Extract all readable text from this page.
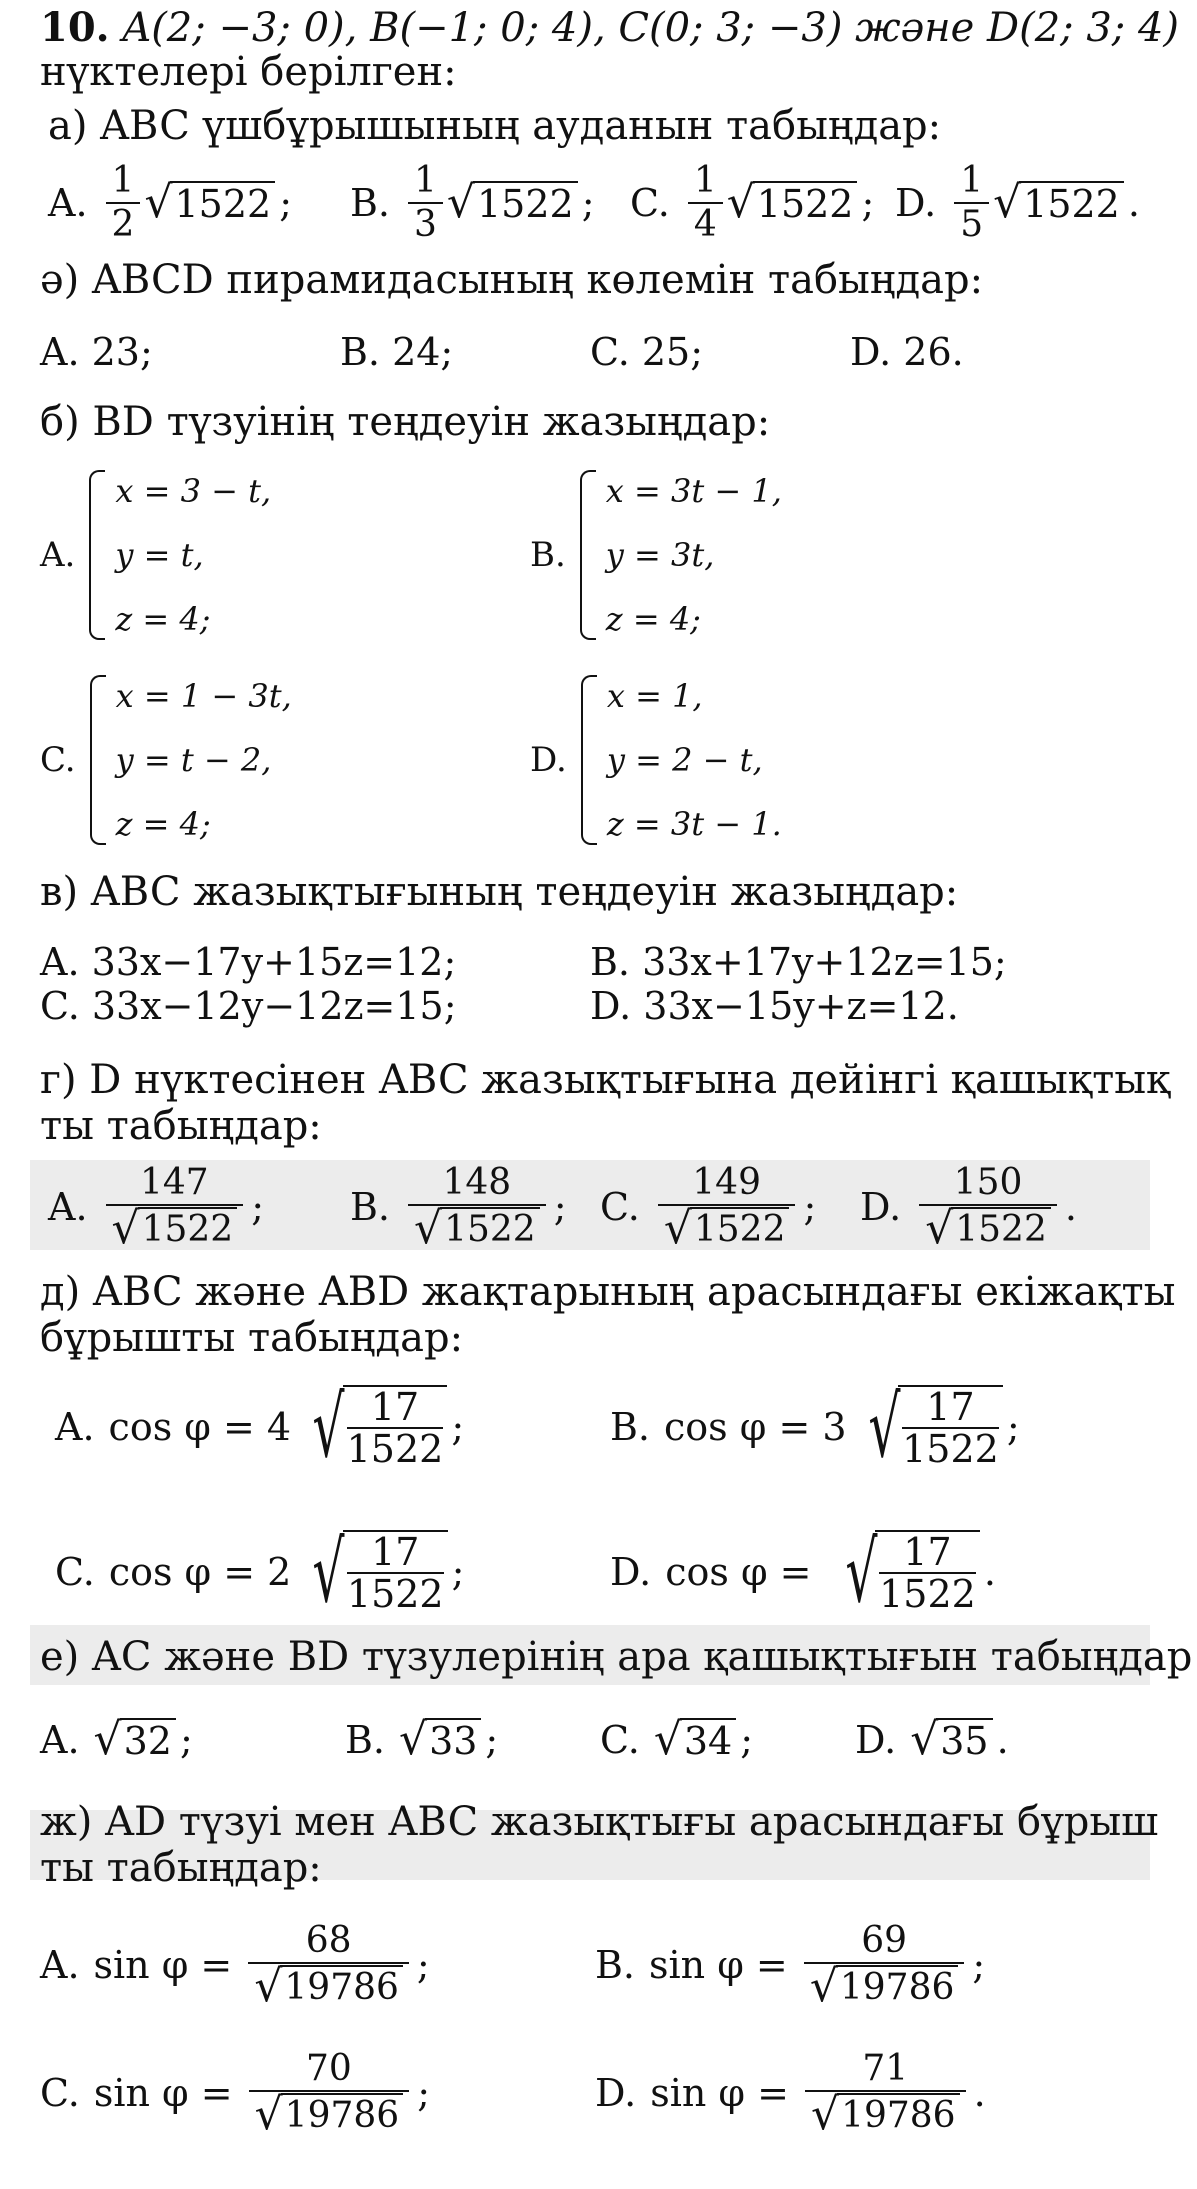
10. A(2; −3; 0), B(−1; 0; 4), C(0; 3; −3) және D(2; 3; 4)
нүктелері берілген:
а) ABC үшбұрышының ауданын табыңдар:
A. $\frac{1}{2}$ √ 1522 ; B. $\frac{1}{3}$ √ 1522 ; C. $\frac{1}{4}$ √ 1522 ; D. $\frac{1}{5}$ √ 1522 .
ә) ABCD пирамидасының көлемін табыңдар:
A. 23;	B. 24;	C. 25;	D. 26.
б) BD түзуінің теңдеуін жазыңдар:
A.
x = 3 − t,
y = t,
z = 4;
B.
x = 3t − 1,
y = 3t,
z = 4;
C.
x = 1 − 3t,
y = t − 2,
z = 4;
D.
x = 1,
y = 2 − t,
z = 3t − 1.
в) ABC жазықтығының теңдеуін жазыңдар:
A. 33x−17y+15z=12;	B. 33x+17y+12z=15;
C. 33x−12y−12z=15;	D. 33x−15y+z=12.
г) D нүктесінен ABC жазықтығына дейінгі қашықтық
ты табыңдар:
A. $\frac{147}{√ 1522}$ ; B. $\frac{148}{√ 1522}$ ; C. $\frac{149}{√ 1522}$ ; D. $\frac{150}{√ 1522}$ .
д) ABC және ABD жақтарының арасындағы екіжақты
бұрышты табыңдар:
A. cos φ = 4 √
$\frac{17}{1522}$ ;	B. cos φ = 3 √
$\frac{17}{1522}$ ;
C. cos φ = 2 √
$\frac{17}{1522}$ ;	D. cos φ = √
$\frac{17}{1522}$ .
е) AC және BD түзулерінің ара қашықтығын табыңдар
A. √ 32 ;	B. √ 33 ;	C. √ 34 ;	D. √ 35 .
ж) AD түзуі мен ABC жазықтығы арасындағы бұрыш
ты табыңдар:
A. $\sin \varphi = \frac{68}{√ 19786}$ ;	B. $\sin \varphi = \frac{69}{√ 19786}$ ;
C. $\sin \varphi = \frac{70}{√ 19786}$ ;	D. $\sin \varphi = \frac{71}{√ 19786}$ .
